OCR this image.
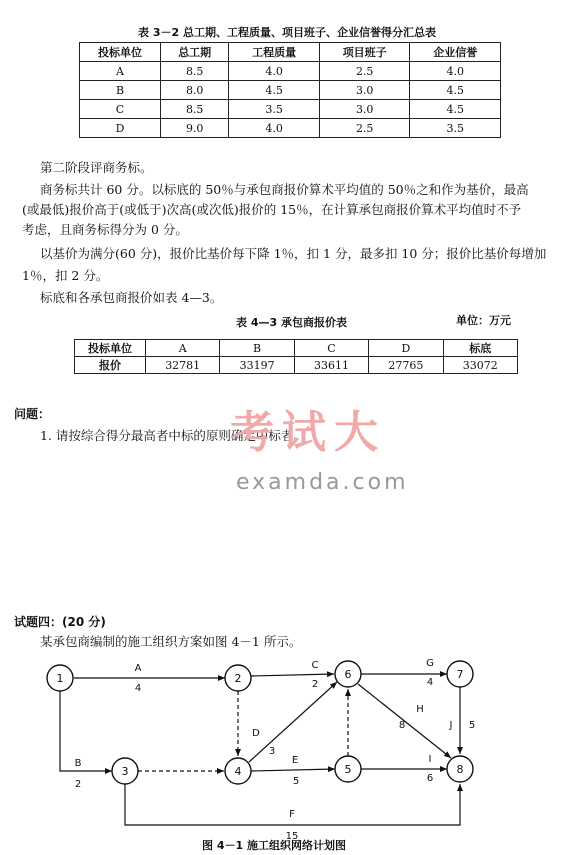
表 3－2 总工期、工程质量、项目班子、企业信誉得分汇总表
投标单位	总工期	工程质量	项目班子	企业信誉
A	8.5	4.0	2.5	4.0
B	8.0	4.5	3.0	4.5
C	8.5	3.5	3.0	4.5
D	9.0	4.0	2.5	3.5
第二阶段评商务标。
商务标共计 60 分。以标底的 50％与承包商报价算术平均值的 50％之和作为基价，最高
(或最低)报价高于(或低于)次高(或次低)报价的 15％，在计算承包商报价算术平均值时不予
考虑，且商务标得分为 0 分。
以基价为满分(60 分)，报价比基价每下降 1％，扣 1 分，最多扣 10 分；报价比基价每增加
1％，扣 2 分。
标底和各承包商报价如表 4—3。
表 4—3 承包商报价表	单位：万元
投标单位	A	B	C	D	标底
报价	32781	33197	33611	27765	33072
问题：
1. 请按综合得分最高者中标的原则确定中标者。
考试大
examda.com
试题四：(20 分)
某承包商编制的施工组织方案如图 4－1 所示。
1	2
3	4	5
6	7
8
A
4
B
2
C
2
D
3
E
5
F
15
G
4
H
8
I
6
J 5
图 4－1 施工组织网络计划图
